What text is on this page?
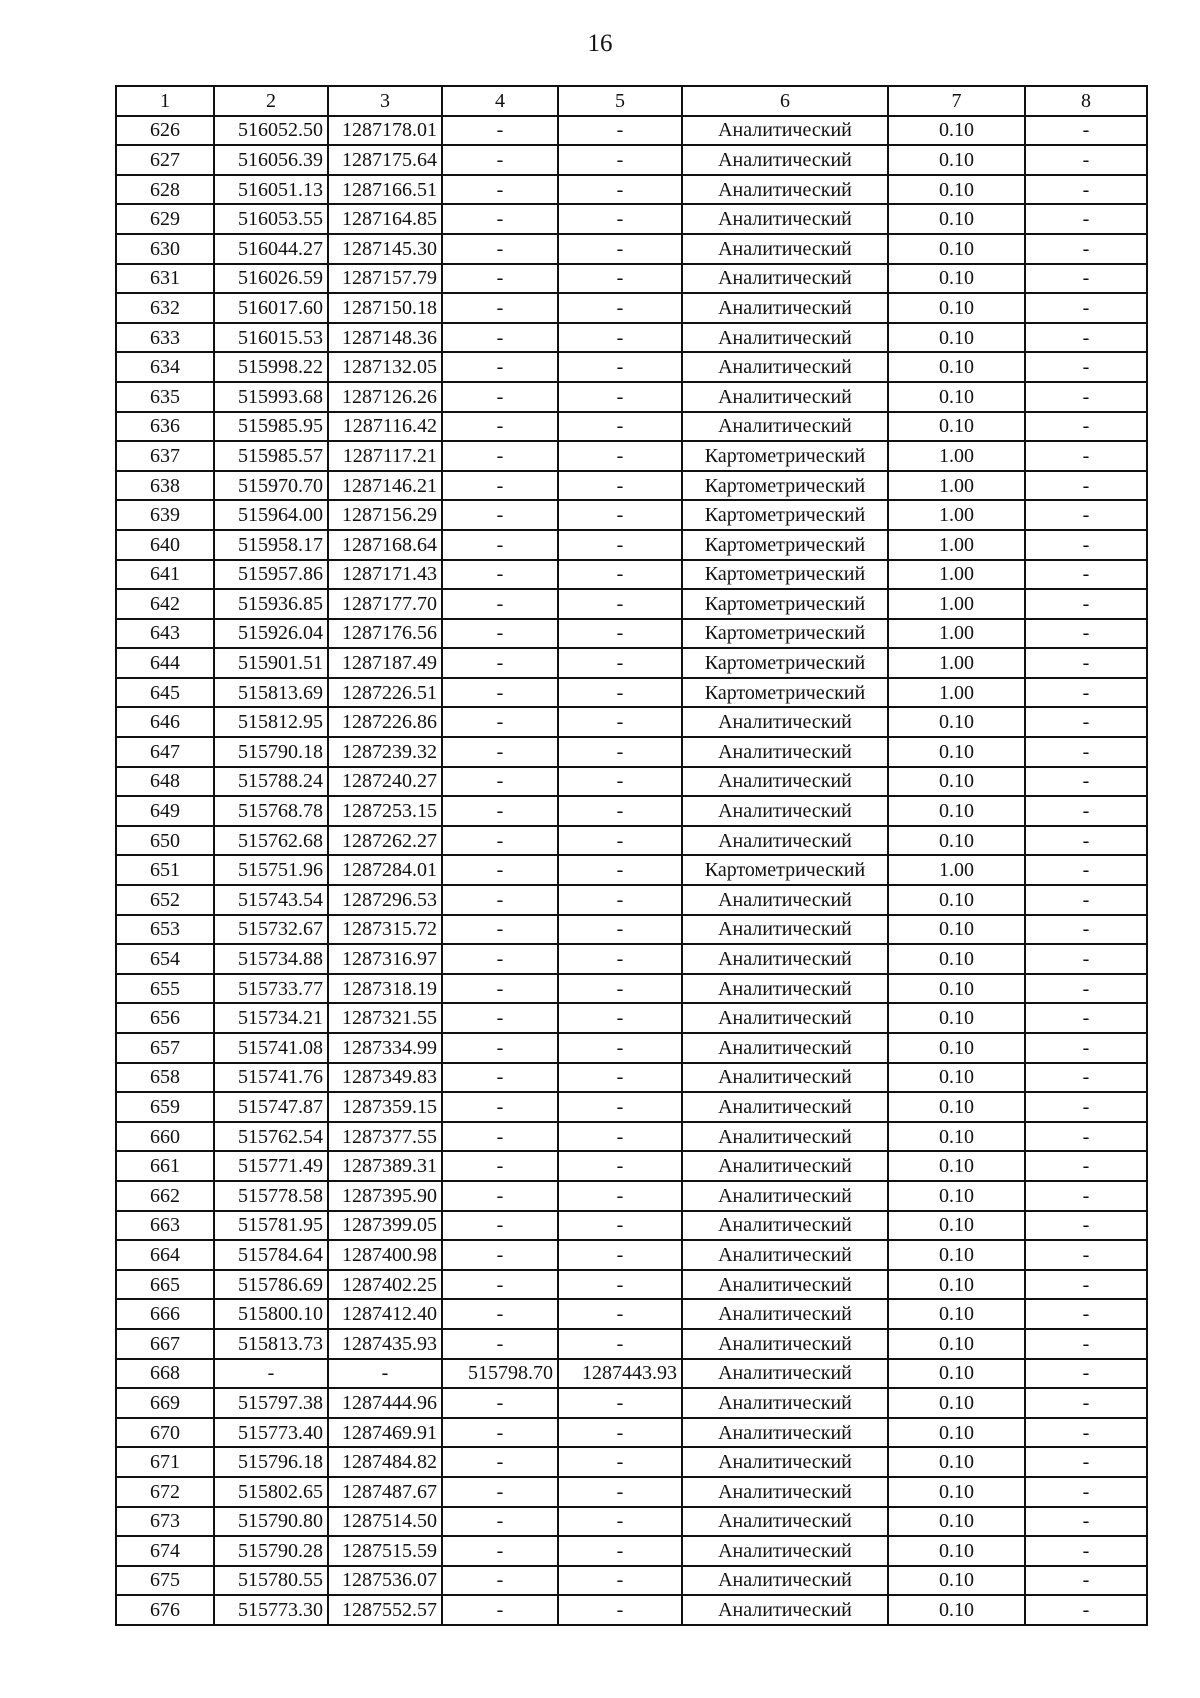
16
1	2	3	4	5	6	7	8
626	516052.50	1287178.01	-	-	Аналитический	0.10	-
627	516056.39	1287175.64	-	-	Аналитический	0.10	-
628	516051.13	1287166.51	-	-	Аналитический	0.10	-
629	516053.55	1287164.85	-	-	Аналитический	0.10	-
630	516044.27	1287145.30	-	-	Аналитический	0.10	-
631	516026.59	1287157.79	-	-	Аналитический	0.10	-
632	516017.60	1287150.18	-	-	Аналитический	0.10	-
633	516015.53	1287148.36	-	-	Аналитический	0.10	-
634	515998.22	1287132.05	-	-	Аналитический	0.10	-
635	515993.68	1287126.26	-	-	Аналитический	0.10	-
636	515985.95	1287116.42	-	-	Аналитический	0.10	-
637	515985.57	1287117.21	-	-	Картометрический	1.00	-
638	515970.70	1287146.21	-	-	Картометрический	1.00	-
639	515964.00	1287156.29	-	-	Картометрический	1.00	-
640	515958.17	1287168.64	-	-	Картометрический	1.00	-
641	515957.86	1287171.43	-	-	Картометрический	1.00	-
642	515936.85	1287177.70	-	-	Картометрический	1.00	-
643	515926.04	1287176.56	-	-	Картометрический	1.00	-
644	515901.51	1287187.49	-	-	Картометрический	1.00	-
645	515813.69	1287226.51	-	-	Картометрический	1.00	-
646	515812.95	1287226.86	-	-	Аналитический	0.10	-
647	515790.18	1287239.32	-	-	Аналитический	0.10	-
648	515788.24	1287240.27	-	-	Аналитический	0.10	-
649	515768.78	1287253.15	-	-	Аналитический	0.10	-
650	515762.68	1287262.27	-	-	Аналитический	0.10	-
651	515751.96	1287284.01	-	-	Картометрический	1.00	-
652	515743.54	1287296.53	-	-	Аналитический	0.10	-
653	515732.67	1287315.72	-	-	Аналитический	0.10	-
654	515734.88	1287316.97	-	-	Аналитический	0.10	-
655	515733.77	1287318.19	-	-	Аналитический	0.10	-
656	515734.21	1287321.55	-	-	Аналитический	0.10	-
657	515741.08	1287334.99	-	-	Аналитический	0.10	-
658	515741.76	1287349.83	-	-	Аналитический	0.10	-
659	515747.87	1287359.15	-	-	Аналитический	0.10	-
660	515762.54	1287377.55	-	-	Аналитический	0.10	-
661	515771.49	1287389.31	-	-	Аналитический	0.10	-
662	515778.58	1287395.90	-	-	Аналитический	0.10	-
663	515781.95	1287399.05	-	-	Аналитический	0.10	-
664	515784.64	1287400.98	-	-	Аналитический	0.10	-
665	515786.69	1287402.25	-	-	Аналитический	0.10	-
666	515800.10	1287412.40	-	-	Аналитический	0.10	-
667	515813.73	1287435.93	-	-	Аналитический	0.10	-
668	-	-	515798.70	1287443.93	Аналитический	0.10	-
669	515797.38	1287444.96	-	-	Аналитический	0.10	-
670	515773.40	1287469.91	-	-	Аналитический	0.10	-
671	515796.18	1287484.82	-	-	Аналитический	0.10	-
672	515802.65	1287487.67	-	-	Аналитический	0.10	-
673	515790.80	1287514.50	-	-	Аналитический	0.10	-
674	515790.28	1287515.59	-	-	Аналитический	0.10	-
675	515780.55	1287536.07	-	-	Аналитический	0.10	-
676	515773.30	1287552.57	-	-	Аналитический	0.10	-
